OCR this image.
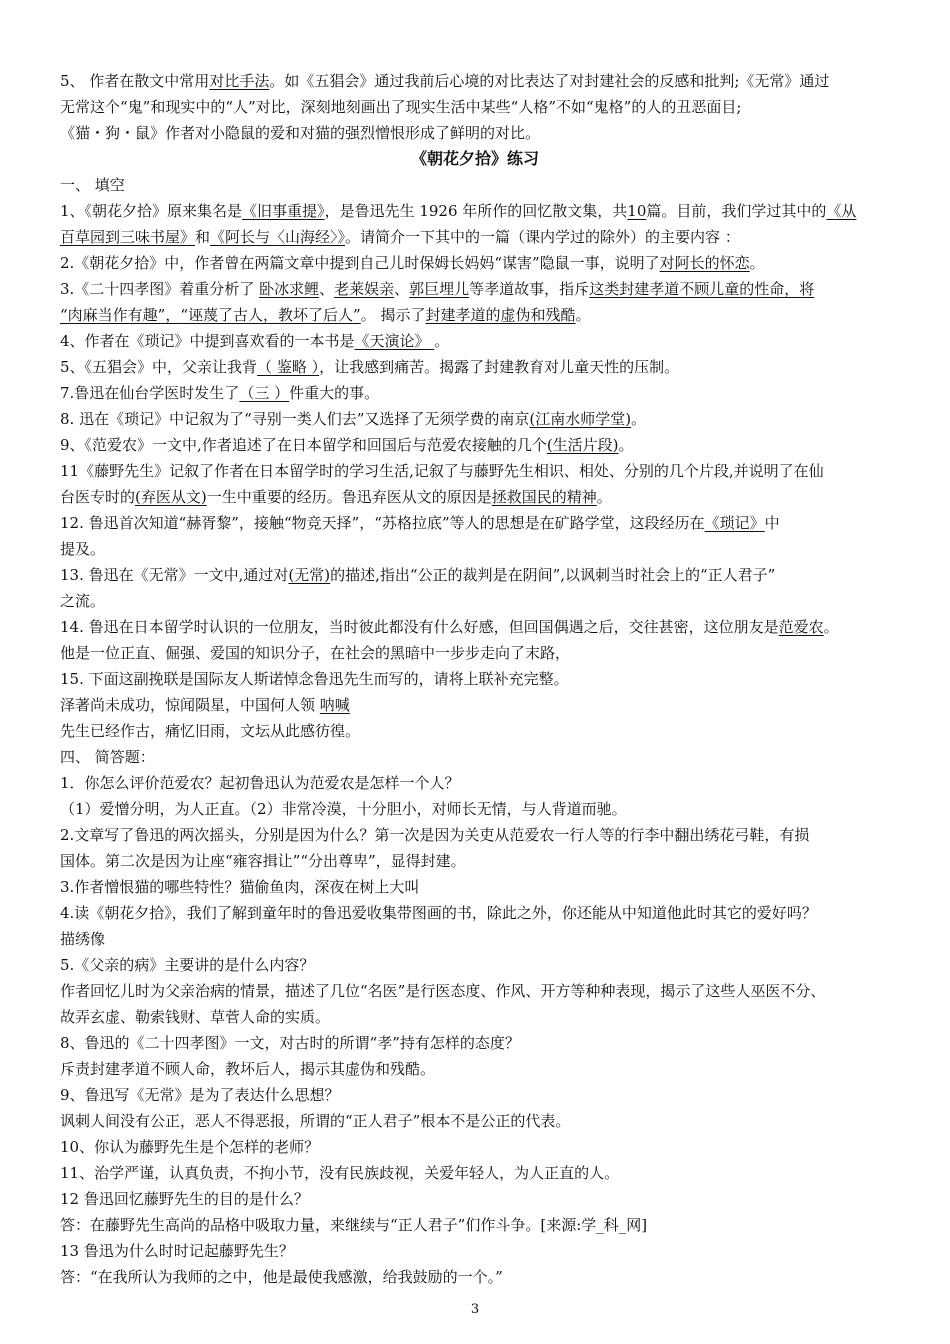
5、 作者在散文中常用对比手法。如《五猖会》通过我前后心境的对比表达了对封建社会的反感和批判;《无常》通过
无常这个“鬼”和现实中的“人”对比，深刻地刻画出了现实生活中某些“人格”不如“鬼格”的人的丑恶面目;
《猫・狗・鼠》作者对小隐鼠的爱和对猫的强烈憎恨形成了鲜明的对比。
《朝花夕拾》练习
一、 填空
1、《朝花夕拾》原来集名是《旧事重提》，是鲁迅先生 1926 年所作的回忆散文集，共10篇。目前，我们学过其中的《从
百草园到三味书屋》和《阿长与〈山海经〉》。请简介一下其中的一篇（课内学过的除外）的主要内容 ：
2.《朝花夕拾》中，作者曾在两篇文章中提到自己儿时保姆长妈妈“谋害”隐鼠一事，说明了对阿长的怀恋。
3.《二十四孝图》着重分析了 卧冰求鲤、老莱娱亲、郭巨埋儿等孝道故事，指斥这类封建孝道不顾儿童的性命，将
“肉麻当作有趣”，“诬蔑了古人，教坏了后人”。 揭示了封建孝道的虚伪和残酷。
4、作者在《琐记》中提到喜欢看的一本书是《天演论》 。
5、《五猖会》中，父亲让我背（ 鉴略 ），让我感到痛苦。揭露了封建教育对儿童天性的压制。
7.鲁迅在仙台学医时发生了（三 ）件重大的事。
8. 迅在《琐记》中记叙为了“寻别一类人们去”又选择了无须学费的南京(江南水师学堂)。
9、《范爱农》一文中,作者追述了在日本留学和回国后与范爱农接触的几个(生活片段)。
11《藤野先生》记叙了作者在日本留学时的学习生活,记叙了与藤野先生相识、相处、分别的几个片段,并说明了在仙
台医专时的(弃医从文)一生中重要的经历。鲁迅弃医从文的原因是拯救国民的精神。
12. 鲁迅首次知道“赫胥黎”，接触“物竞天择”，“苏格拉底”等人的思想是在矿路学堂，这段经历在《琐记》中
提及。
13. 鲁迅在《无常》一文中,通过对(无常)的描述,指出“公正的裁判是在阴间”,以讽刺当时社会上的“正人君子”
之流。
14. 鲁迅在日本留学时认识的一位朋友，当时彼此都没有什么好感，但回国偶遇之后，交往甚密，这位朋友是范爱农。
他是一位正直、倔强、爱国的知识分子，在社会的黑暗中一步步走向了末路，
15. 下面这副挽联是国际友人斯诺悼念鲁迅先生而写的，请将上联补充完整。
泽著尚未成功，惊闻陨星，中国何人领 呐喊
先生已经作古，痛忆旧雨，文坛从此感彷徨。
四、 简答题：
1．你怎么评价范爱农？起初鲁迅认为范爱农是怎样一个人？
（1）爱憎分明，为人正直。（2）非常冷漠，十分胆小，对师长无情，与人背道而驰。
2.文章写了鲁迅的两次摇头，分别是因为什么？第一次是因为关吏从范爱农一行人等的行李中翻出绣花弓鞋，有损
国体。第二次是因为让座“雍容揖让”“分出尊卑”，显得封建。
3.作者憎恨猫的哪些特性？猫偷鱼肉，深夜在树上大叫
4.读《朝花夕拾》，我们了解到童年时的鲁迅爱收集带图画的书，除此之外，你还能从中知道他此时其它的爱好吗？
描绣像
5.《父亲的病》主要讲的是什么内容？
作者回忆儿时为父亲治病的情景，描述了几位“名医”是行医态度、作风、开方等种种表现，揭示了这些人巫医不分、
故弄玄虚、勒索钱财、草菅人命的实质。
8、鲁迅的《二十四孝图》一文，对古时的所谓“孝”持有怎样的态度？
斥责封建孝道不顾人命，教坏后人，揭示其虚伪和残酷。
9、鲁迅写《无常》是为了表达什么思想？
讽刺人间没有公正，恶人不得恶报，所谓的“正人君子”根本不是公正的代表。
10、你认为藤野先生是个怎样的老师？
11、治学严谨，认真负责，不拘小节，没有民族歧视，关爱年轻人，为人正直的人。
12 鲁迅回忆藤野先生的目的是什么？
答：在藤野先生高尚的品格中吸取力量，来继续与“正人君子”们作斗争。[来源:学_科_网]
13 鲁迅为什么时时记起藤野先生？
答：“在我所认为我师的之中，他是最使我感激，给我鼓励的一个。”
3
